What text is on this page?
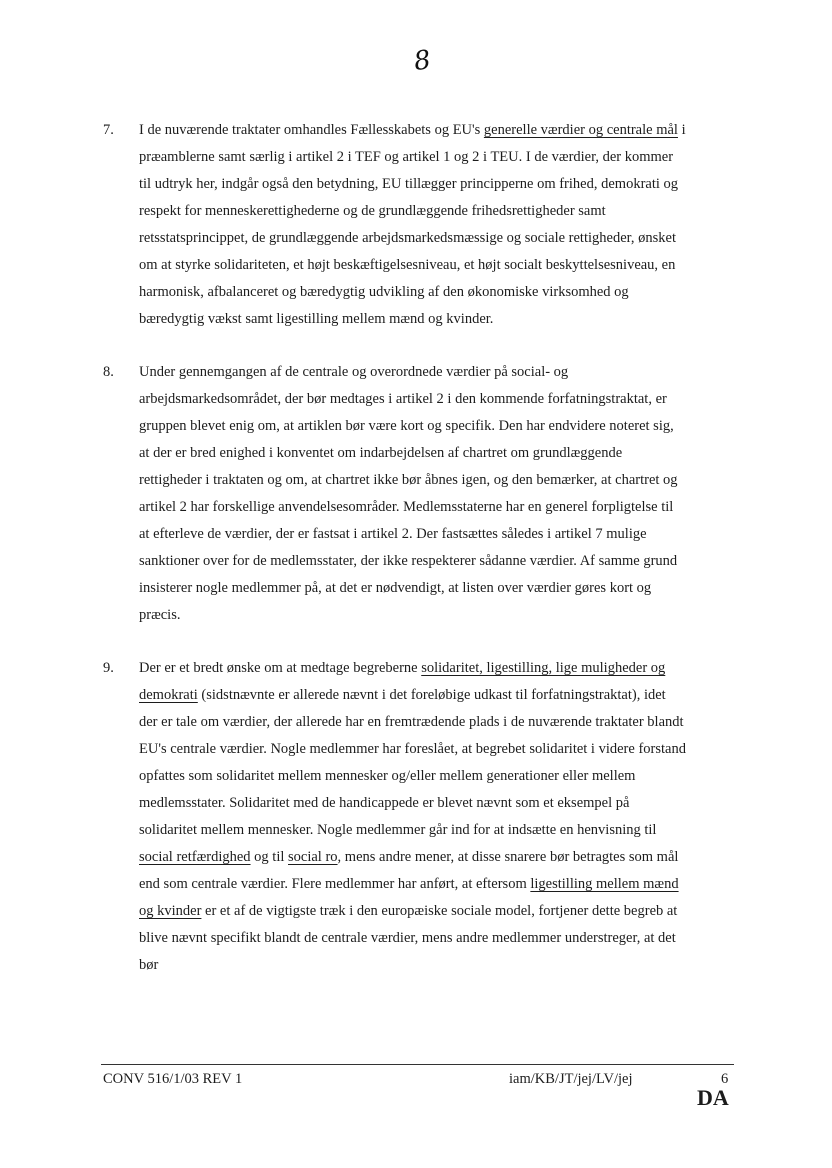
8
7. I de nuværende traktater omhandles Fællesskabets og EU's generelle værdier og centrale mål i
præamblerne samt særlig i artikel 2 i TEF og artikel 1 og 2 i TEU. I de værdier, der kommer
til udtryk her, indgår også den betydning, EU tillægger principperne om frihed, demokrati og
respekt for menneskerettighederne og de grundlæggende frihedsrettigheder samt
retsstatsprincippet, de grundlæggende arbejdsmarkedsmæssige og sociale rettigheder, ønsket
om at styrke solidariteten, et højt beskæftigelsesniveau, et højt socialt beskyttelsesniveau, en
harmonisk, afbalanceret og bæredygtig udvikling af den økonomiske virksomhed og
bæredygtig vækst samt ligestilling mellem mænd og kvinder.
8. Under gennemgangen af de centrale og overordnede værdier på social- og
arbejdsmarkedsområdet, der bør medtages i artikel 2 i den kommende forfatningstraktat, er
gruppen blevet enig om, at artiklen bør være kort og specifik. Den har endvidere noteret sig,
at der er bred enighed i konventet om indarbejdelsen af chartret om grundlæggende
rettigheder i traktaten og om, at chartret ikke bør åbnes igen, og den bemærker, at chartret og
artikel 2 har forskellige anvendelsesområder. Medlemsstaterne har en generel forpligtelse til
at efterleve de værdier, der er fastsat i artikel 2. Der fastsættes således i artikel 7 mulige
sanktioner over for de medlemsstater, der ikke respekterer sådanne værdier. Af samme grund
insisterer nogle medlemmer på, at det er nødvendigt, at listen over værdier gøres kort og
præcis.
9. Der er et bredt ønske om at medtage begreberne solidaritet, ligestilling, lige muligheder og
demokrati (sidstnævnte er allerede nævnt i det foreløbige udkast til forfatningstraktat), idet
der er tale om værdier, der allerede har en fremtrædende plads i de nuværende traktater blandt
EU's centrale værdier. Nogle medlemmer har foreslået, at begrebet solidaritet i videre forstand
opfattes som solidaritet mellem mennesker og/eller mellem generationer eller mellem
medlemsstater. Solidaritet med de handicappede er blevet nævnt som et eksempel på
solidaritet mellem mennesker. Nogle medlemmer går ind for at indsætte en henvisning til
social retfærdighed og til social ro, mens andre mener, at disse snarere bør betragtes som mål
end som centrale værdier. Flere medlemmer har anført, at eftersom ligestilling mellem mænd
og kvinder er et af de vigtigste træk i den europæiske sociale model, fortjener dette begreb at
blive nævnt specifikt blandt de centrale værdier, mens andre medlemmer understreger, at det
bør
CONV 516/1/03 REV 1	iam/KB/JT/jej/LV/jej	6
DA
